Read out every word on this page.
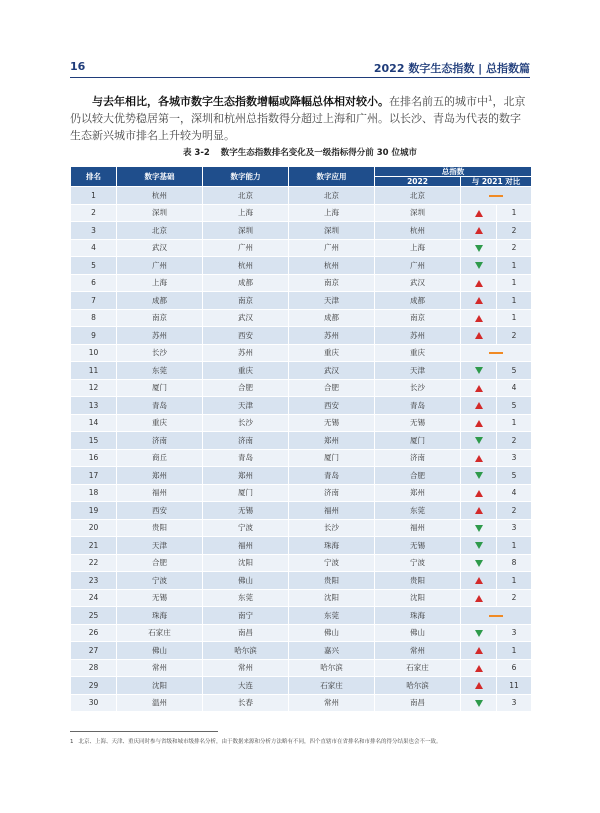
16	2022 数字生态指数 | 总指数篇

与去年相比，各城市数字生态指数增幅或降幅总体相对较小。在排名前五的城市中$^1$，北京仍以较大优势稳居第一，深圳和杭州总指数得分超过上海和广州。以长沙、青岛为代表的数字生态新兴城市排名上升较为明显。

表 3-2 数字生态指数排名变化及一级指标得分前 30 位城市
排名	数字基础	数字能力	数字应用	总指数		
				2022	与 2021 对比	
1	杭州	北京	北京	北京		
2	深圳	上海	上海	深圳		1
3	北京	深圳	深圳	杭州		2
4	武汉	广州	广州	上海		2
5	广州	杭州	杭州	广州		1
6	上海	成都	南京	武汉		1
7	成都	南京	天津	成都		1
8	南京	武汉	成都	南京		1
9	苏州	西安	苏州	苏州		2
10	长沙	苏州	重庆	重庆		
11	东莞	重庆	武汉	天津		5
12	厦门	合肥	合肥	长沙		4
13	青岛	天津	西安	青岛		5
14	重庆	长沙	无锡	无锡		1
15	济南	济南	郑州	厦门		2
16	商丘	青岛	厦门	济南		3
17	郑州	郑州	青岛	合肥		5
18	福州	厦门	济南	郑州		4
19	西安	无锡	福州	东莞		2
20	贵阳	宁波	长沙	福州		3
21	天津	福州	珠海	无锡		1
22	合肥	沈阳	宁波	宁波		8
23	宁波	佛山	贵阳	贵阳		1
24	无锡	东莞	沈阳	沈阳		2
25	珠海	南宁	东莞	珠海		
26	石家庄	南昌	佛山	佛山		3
27	佛山	哈尔滨	嘉兴	常州		1
28	常州	常州	哈尔滨	石家庄		6
29	沈阳	大连	石家庄	哈尔滨		11
30	温州	长春	常州	南昌		3
1 北京、上海、天津、重庆同时参与省级和城市级排名分析，由于数据来源和分析方法略有不同，四个直辖市在省排名和市排名的得分结果也会不一致。
